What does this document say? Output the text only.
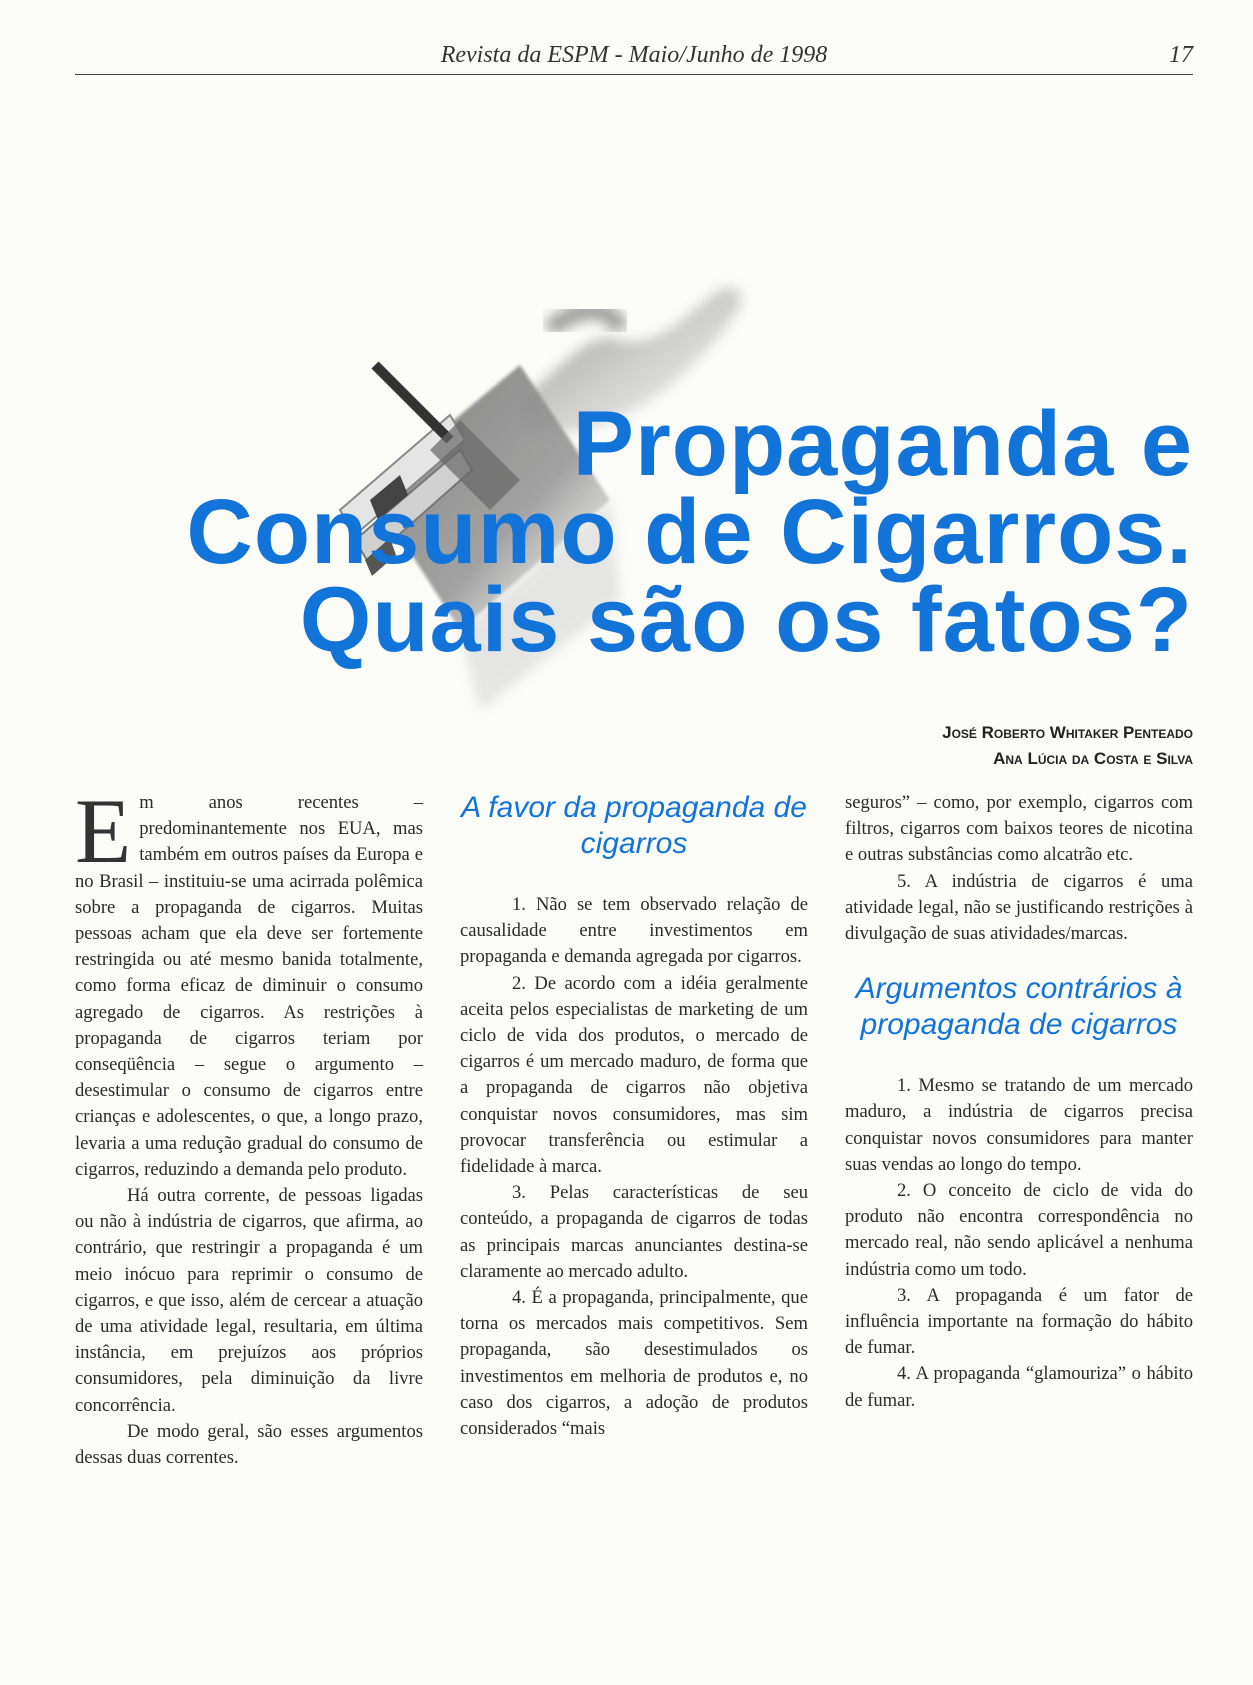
Revista da ESPM - Maio/Junho de 1998	17
Propaganda e
Consumo de Cigarros.
Quais são os fatos?
José Roberto Whitaker Penteado
Ana Lúcia da Costa e Silva

Em anos recentes – predominantemente nos EUA, mas também em outros países da Europa e no Brasil – instituiu-se uma acirrada polêmica sobre a propaganda de cigarros. Muitas pessoas acham que ela deve ser fortemente restringida ou até mesmo banida totalmente, como forma eficaz de diminuir o consumo agregado de cigarros. As restrições à propaganda de cigarros teriam por conseqüência – segue o argumento – desestimular o consumo de cigarros entre crianças e adolescentes, o que, a longo prazo, levaria a uma redução gradual do consumo de cigarros, reduzindo a demanda pelo produto.

Há outra corrente, de pessoas ligadas ou não à indústria de cigarros, que afirma, ao contrário, que restringir a propaganda é um meio inócuo para reprimir o consumo de cigarros, e que isso, além de cercear a atuação de uma atividade legal, resultaria, em última instância, em prejuízos aos próprios consumidores, pela diminuição da livre concorrência.

De modo geral, são esses argumentos dessas duas correntes.

A favor da propaganda de cigarros

1. Não se tem observado relação de causalidade entre investimentos em propaganda e demanda agregada por cigarros.

2. De acordo com a idéia geralmente aceita pelos especialistas de marketing de um ciclo de vida dos produtos, o mercado de cigarros é um mercado maduro, de forma que a propaganda de cigarros não objetiva conquistar novos consumidores, mas sim provocar transferência ou estimular a fidelidade à marca.

3. Pelas características de seu conteúdo, a propaganda de cigarros de todas as principais marcas anunciantes destina-se claramente ao mercado adulto.

4. É a propaganda, principalmente, que torna os mercados mais competitivos. Sem propaganda, são desestimulados os investimentos em melhoria de produtos e, no caso dos cigarros, a adoção de produtos considerados “mais

seguros” – como, por exemplo, cigarros com filtros, cigarros com baixos teores de nicotina e outras substâncias como alcatrão etc.

5. A indústria de cigarros é uma atividade legal, não se justificando restrições à divulgação de suas atividades/marcas.

Argumentos contrários à propaganda de cigarros

1. Mesmo se tratando de um mercado maduro, a indústria de cigarros precisa conquistar novos consumidores para manter suas vendas ao longo do tempo.

2. O conceito de ciclo de vida do produto não encontra correspondência no mercado real, não sendo aplicável a nenhuma indústria como um todo.

3. A propaganda é um fator de influência importante na formação do hábito de fumar.

4. A propaganda “glamouriza” o hábito de fumar.
